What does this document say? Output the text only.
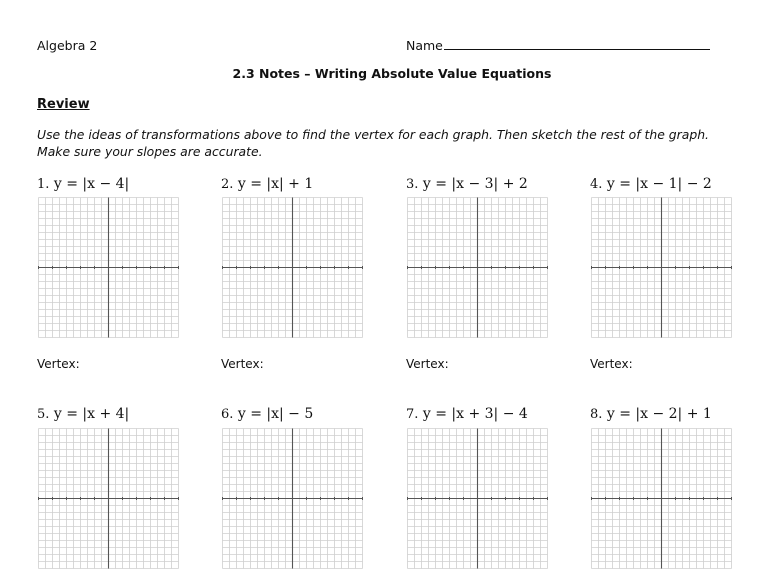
Algebra 2	Name
2.3 Notes – Writing Absolute Value Equations
Review
Use the ideas of transformations above to find the vertex for each graph. Then sketch the rest of the graph. Make sure your slopes are accurate.
1. y = |x − 4|	2. y = |x| + 1	3. y = |x − 3| + 2	4. y = |x − 1| − 2
Vertex:	Vertex:	Vertex:	Vertex:
5. y = |x + 4|	6. y = |x| − 5	7. y = |x + 3| − 4	8. y = |x − 2| + 1
